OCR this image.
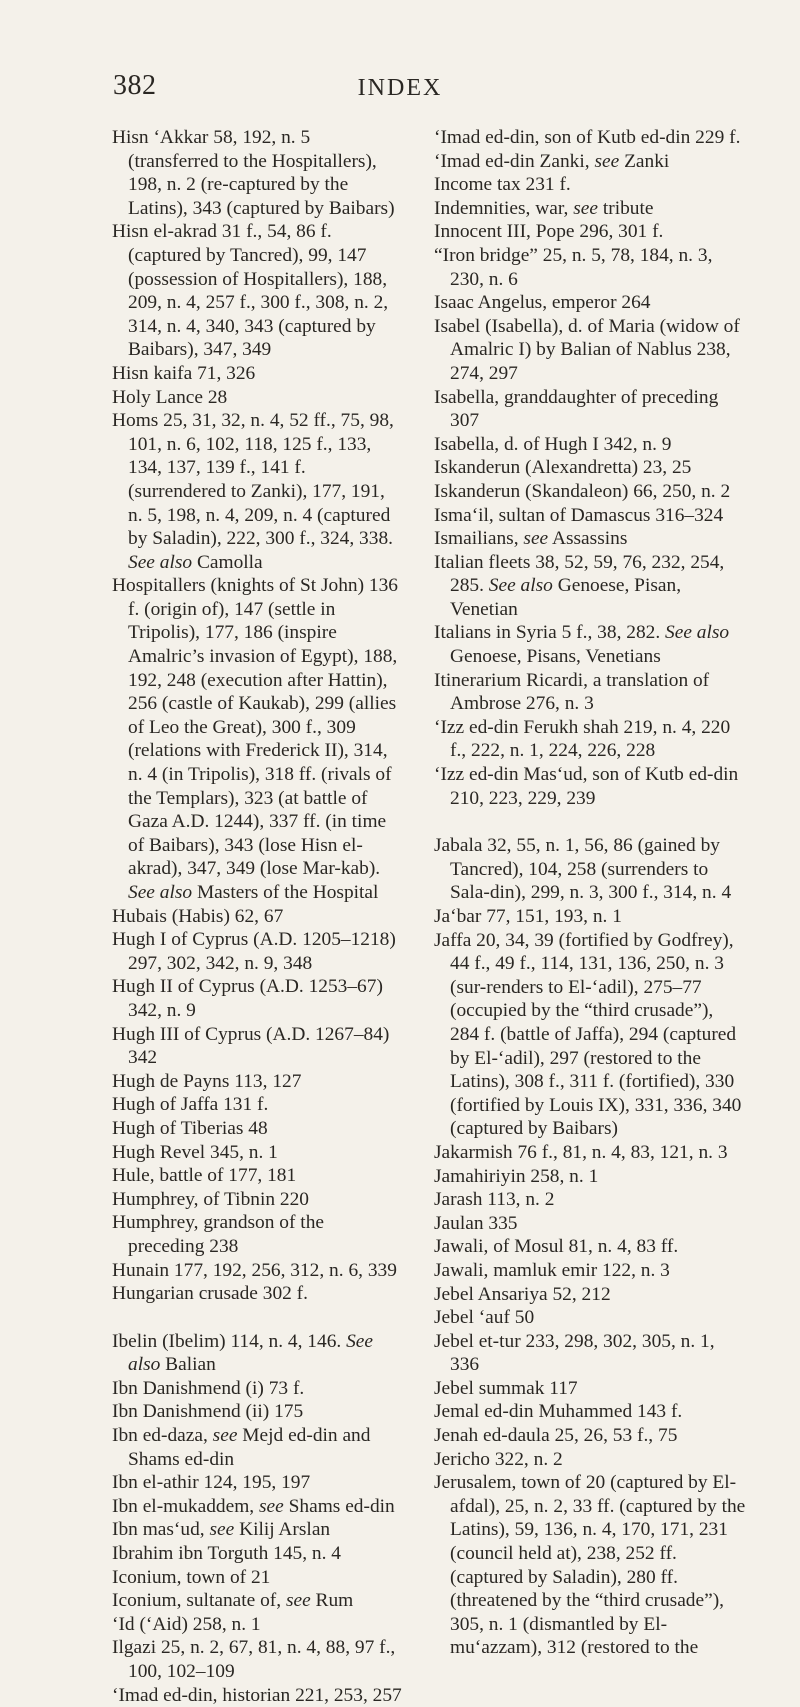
382	INDEX

Hisn ‘Akkar 58, 192, n. 5 (transferred to the Hospitallers), 198, n. 2 (re-captured by the Latins), 343 (captured by Baibars)

Hisn el-akrad 31 f., 54, 86 f. (captured by Tancred), 99, 147 (possession of Hospitallers), 188, 209, n. 4, 257 f., 300 f., 308, n. 2, 314, n. 4, 340, 343 (captured by Baibars), 347, 349

Hisn kaifa 71, 326

Holy Lance 28

Homs 25, 31, 32, n. 4, 52 ff., 75, 98, 101, n. 6, 102, 118, 125 f., 133, 134, 137, 139 f., 141 f. (surrendered to Zanki), 177, 191, n. 5, 198, n. 4, 209, n. 4 (captured by Saladin), 222, 300 f., 324, 338. See also Camolla

Hospitallers (knights of St John) 136 f. (origin of), 147 (settle in Tripolis), 177, 186 (inspire Amalric’s invasion of Egypt), 188, 192, 248 (execution after Hattin), 256 (castle of Kaukab), 299 (allies of Leo the Great), 300 f., 309 (relations with Frederick II), 314, n. 4 (in Tripolis), 318 ff. (rivals of the Templars), 323 (at battle of Gaza A.D. 1244), 337 ff. (in time of Baibars), 343 (lose Hisn el-akrad), 347, 349 (lose Mar-kab). See also Masters of the Hospital

Hubais (Habis) 62, 67

Hugh I of Cyprus (A.D. 1205–1218) 297, 302, 342, n. 9, 348

Hugh II of Cyprus (A.D. 1253–67) 342, n. 9

Hugh III of Cyprus (A.D. 1267–84) 342

Hugh de Payns 113, 127

Hugh of Jaffa 131 f.

Hugh of Tiberias 48

Hugh Revel 345, n. 1

Hule, battle of 177, 181

Humphrey, of Tibnin 220

Humphrey, grandson of the preceding 238

Hunain 177, 192, 256, 312, n. 6, 339

Hungarian crusade 302 f.

Ibelin (Ibelim) 114, n. 4, 146. See also Balian

Ibn Danishmend (i) 73 f.

Ibn Danishmend (ii) 175

Ibn ed-daza, see Mejd ed-din and Shams ed-din

Ibn el-athir 124, 195, 197

Ibn el-mukaddem, see Shams ed-din

Ibn mas‘ud, see Kilij Arslan

Ibrahim ibn Torguth 145, n. 4

Iconium, town of 21

Iconium, sultanate of, see Rum

‘Id (‘Aid) 258, n. 1

Ilgazi 25, n. 2, 67, 81, n. 4, 88, 97 f., 100, 102–109

‘Imad ed-din, historian 221, 253, 257

‘Imad ed-din, son of Kutb ed-din 229 f.

‘Imad ed-din Zanki, see Zanki

Income tax 231 f.

Indemnities, war, see tribute

Innocent III, Pope 296, 301 f.

“Iron bridge” 25, n. 5, 78, 184, n. 3, 230, n. 6

Isaac Angelus, emperor 264

Isabel (Isabella), d. of Maria (widow of Amalric I) by Balian of Nablus 238, 274, 297

Isabella, granddaughter of preceding 307

Isabella, d. of Hugh I 342, n. 9

Iskanderun (Alexandretta) 23, 25

Iskanderun (Skandaleon) 66, 250, n. 2

Isma‘il, sultan of Damascus 316–324

Ismailians, see Assassins

Italian fleets 38, 52, 59, 76, 232, 254, 285. See also Genoese, Pisan, Venetian

Italians in Syria 5 f., 38, 282. See also Genoese, Pisans, Venetians

Itinerarium Ricardi, a translation of Ambrose 276, n. 3

‘Izz ed-din Ferukh shah 219, n. 4, 220 f., 222, n. 1, 224, 226, 228

‘Izz ed-din Mas‘ud, son of Kutb ed-din 210, 223, 229, 239

Jabala 32, 55, n. 1, 56, 86 (gained by Tancred), 104, 258 (surrenders to Sala-din), 299, n. 3, 300 f., 314, n. 4

Ja‘bar 77, 151, 193, n. 1

Jaffa 20, 34, 39 (fortified by Godfrey), 44 f., 49 f., 114, 131, 136, 250, n. 3 (sur-renders to El-‘adil), 275–77 (occupied by the “third crusade”), 284 f. (battle of Jaffa), 294 (captured by El-‘adil), 297 (restored to the Latins), 308 f., 311 f. (fortified), 330 (fortified by Louis IX), 331, 336, 340 (captured by Baibars)

Jakarmish 76 f., 81, n. 4, 83, 121, n. 3

Jamahiriyin 258, n. 1

Jarash 113, n. 2

Jaulan 335

Jawali, of Mosul 81, n. 4, 83 ff.

Jawali, mamluk emir 122, n. 3

Jebel Ansariya 52, 212

Jebel ‘auf 50

Jebel et-tur 233, 298, 302, 305, n. 1, 336

Jebel summak 117

Jemal ed-din Muhammed 143 f.

Jenah ed-daula 25, 26, 53 f., 75

Jericho 322, n. 2

Jerusalem, town of 20 (captured by El-afdal), 25, n. 2, 33 ff. (captured by the Latins), 59, 136, n. 4, 170, 171, 231 (council held at), 238, 252 ff. (captured by Saladin), 280 ff. (threatened by the “third crusade”), 305, n. 1 (dismantled by El-mu‘azzam), 312 (restored to the
